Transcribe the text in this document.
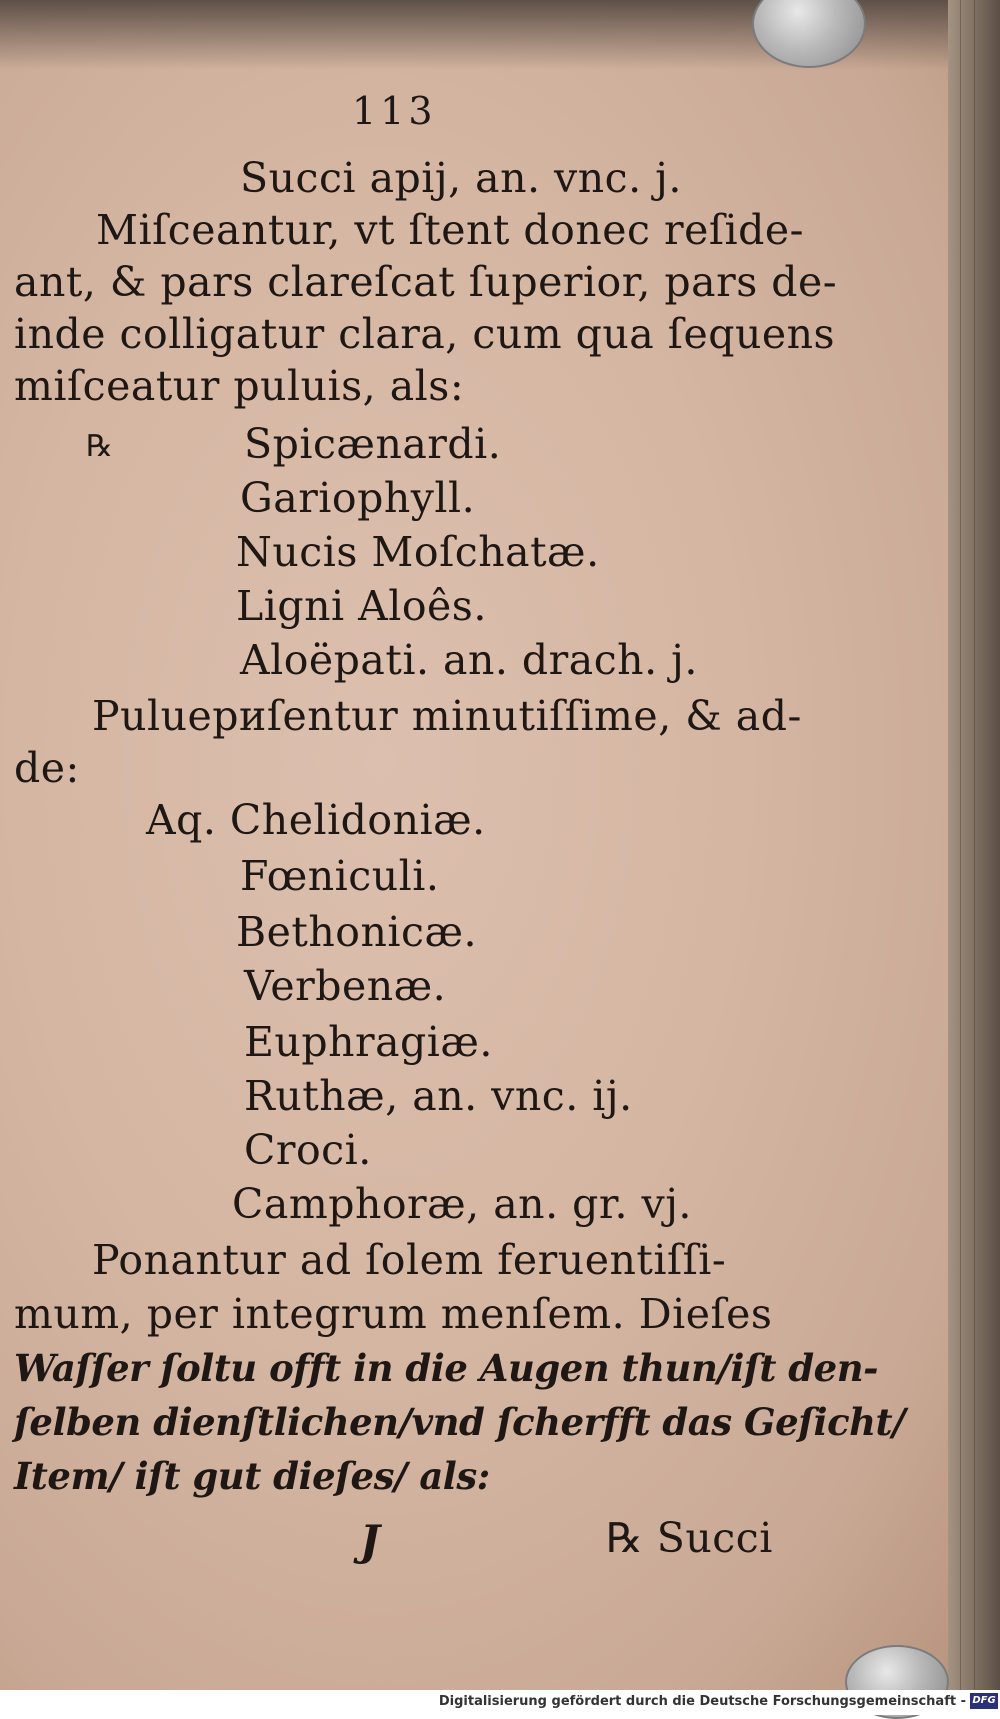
113
Succi apij, an. vnc. j.
Miſceantur, vt ſtent donec reſide-
ant, & pars clareſcat ſuperior, pars de-
inde colligatur clara, cum qua ſequens
miſceatur puluis, als:
℞	Spicænardi.
Gariophyll.
Nucis Moſchatæ.
Ligni Aloês.
Aloëpati. an. drach. j.
Puluериſentur minutiſſime, & ad-
de:
Aq. Chelidoniæ.
Fœniculi.
Bethonicæ.
Verbenæ.
Euphragiæ.
Ruthæ, an. vnc. ij.
Croci.
Camphoræ, an. gr. vj.
Ponantur ad ſolem feruentiſſi-
mum, per integrum menſem. Dieſes
Waſſer ſoltu offt in die Augen thun/iſt den-
ſelben dienſtlichen/vnd ſcherfft das Geſicht/
Item/ iſt gut dieſes/ als:
J	℞ Succi
Digitalisierung gefördert durch die Deutsche Forschungsgemeinschaft - DFG
